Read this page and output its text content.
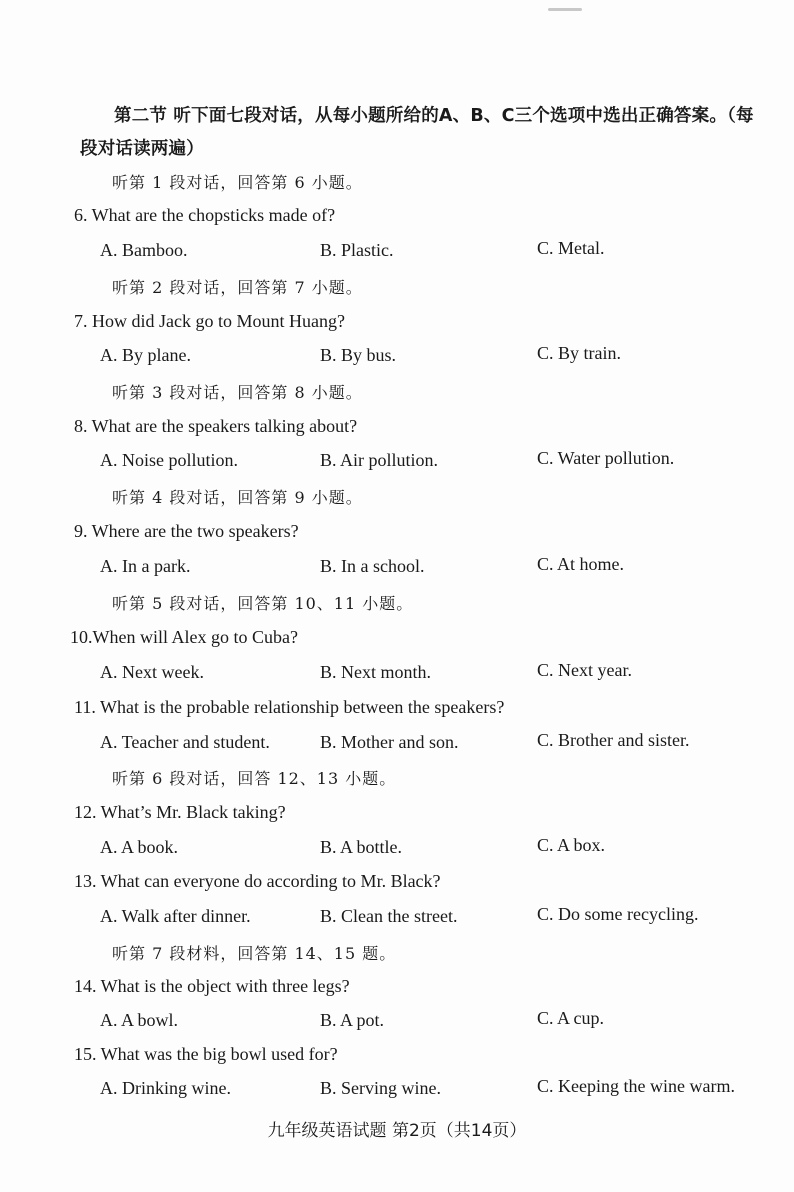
第二节 听下面七段对话，从每小题所给的A、B、C三个选项中选出正确答案。（每段对话读两遍）
听第 1 段对话，回答第 6 小题。
6. What are the chopsticks made of?
A. Bamboo.	B. Plastic.	C. Metal.
听第 2 段对话，回答第 7 小题。
7. How did Jack go to Mount Huang?
A. By plane.	B. By bus.	C. By train.
听第 3 段对话，回答第 8 小题。
8. What are the speakers talking about?
A. Noise pollution.	B. Air pollution.	C. Water pollution.
听第 4 段对话，回答第 9 小题。
9. Where are the two speakers?
A. In a park.	B. In a school.	C. At home.
听第 5 段对话，回答第 10、11 小题。
10.When will Alex go to Cuba?
A. Next week.	B. Next month.	C. Next year.
11. What is the probable relationship between the speakers?
A. Teacher and student.	B. Mother and son.	C. Brother and sister.
听第 6 段对话，回答 12、13 小题。
12. What’s Mr. Black taking?
A. A book.	B. A bottle.	C. A box.
13. What can everyone do according to Mr. Black?
A. Walk after dinner.	B. Clean the street.	C. Do some recycling.
听第 7 段材料，回答第 14、15 题。
14. What is the object with three legs?
A. A bowl.	B. A pot.	C. A cup.
15. What was the big bowl used for?
A. Drinking wine.	B. Serving wine.	C. Keeping the wine warm.
九年级英语试题 第2页（共14页）
